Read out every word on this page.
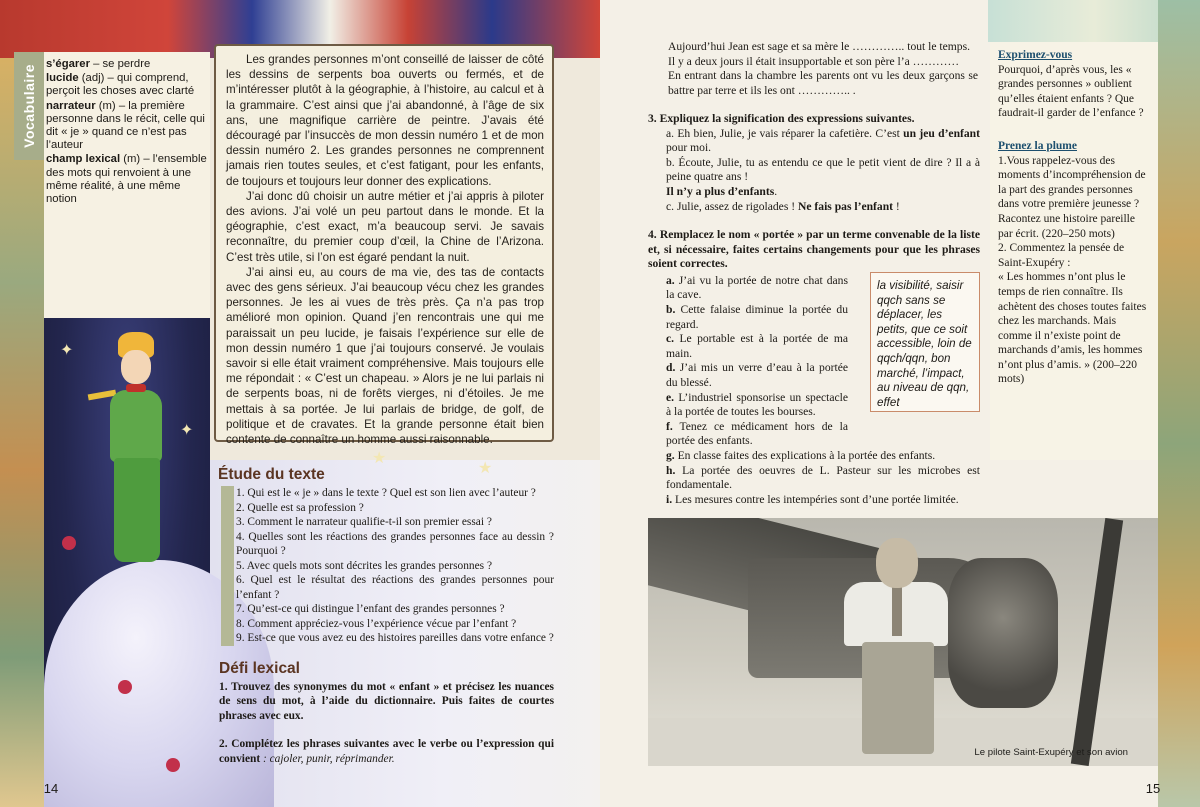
✦
✦
★
★
Vocabulaire
s’égarer – se perdre
lucide (adj) – qui comprend, perçoit les choses avec clarté
narrateur (m) – la première personne dans le récit, celle qui dit « je » quand ce n’est pas l’auteur
champ lexical (m) – l’ensemble des mots qui renvoient à une même réalité, à une même notion

Les grandes personnes m’ont conseillé de laisser de côté les dessins de serpents boa ouverts ou fermés, et de m’intéresser plutôt à la géographie, à l’histoire, au calcul et à la grammaire. C’est ainsi que j’ai abandonné, à l’âge de six ans, une magnifique carrière de peintre. J’avais été découragé par l’insuccès de mon dessin numéro 1 et de mon dessin numéro 2. Les grandes personnes ne comprennent jamais rien toutes seules, et c’est fatigant, pour les enfants, de toujours et toujours leur donner des explications.

J’ai donc dû choisir un autre métier et j’ai appris à piloter des avions. J’ai volé un peu partout dans le monde. Et la géographie, c’est exact, m’a beaucoup servi. Je savais reconnaître, du premier coup d’œil, la Chine de l’Arizona. C’est très utile, si l’on est égaré pendant la nuit.

J’ai ainsi eu, au cours de ma vie, des tas de contacts avec des gens sérieux. J’ai beaucoup vécu chez les grandes personnes. Je les ai vues de très près. Ça n’a pas trop amélioré mon opinion. Quand j’en rencontrais une qui me paraissait un peu lucide, je faisais l’expérience sur elle de mon dessin numéro 1 que j’ai toujours conservé. Je voulais savoir si elle était vraiment compréhensive. Mais toujours elle me répondait : « C’est un chapeau. » Alors je ne lui parlais ni de serpents boas, ni de forêts vierges, ni d’étoiles. Je me mettais à sa portée. Je lui parlais de bridge, de golf, de politique et de cravates. Et la grande personne était bien contente de connaître un homme aussi raisonnable.

Étude du texte
1. Qui est le « je » dans le texte ? Quel est son lien avec l’auteur ?
2. Quelle est sa profession ?
3. Comment le narrateur qualifie-t-il son premier essai ?
4. Quelles sont les réactions des grandes personnes face au dessin ? Pourquoi ?
5. Avec quels mots sont décrites les grandes personnes ?
6. Quel est le résultat des réactions des grandes personnes pour l’enfant ?
7. Qu’est-ce qui distingue l’enfant des grandes personnes ?
8. Comment appréciez-vous l’expérience vécue par l’enfant ?
9. Est-ce que vous avez eu des histoires pareilles dans votre enfance ?
Défi lexical

1. Trouvez des synonymes du mot « enfant » et précisez les nuances de sens du mot, à l’aide du dictionnaire. Puis faites de courtes phrases avec eux.

2. Complétez les phrases suivantes avec le verbe ou l’expression qui convient : cajoler, punir, réprimander.

14
Aujourd’hui Jean est sage et sa mère le ………….. tout le temps.
Il y a deux jours il était insupportable et son père l’a …………
En entrant dans la chambre les parents ont vu les deux garçons se battre par terre et ils les ont ………….. .
3. Expliquez la signification des expressions suivantes.
a. Eh bien, Julie, je vais réparer la cafetière. C’est un jeu d’enfant pour moi.
b. Écoute, Julie, tu as entendu ce que le petit vient de dire ? Il a à peine quatre ans !
Il n’y a plus d’enfants.
c. Julie, assez de rigolades ! Ne fais pas l’enfant !
4. Remplacez le nom « portée » par un terme convenable de la liste et, si nécessaire, faites certains changements pour que les phrases soient correctes.
a. J’ai vu la portée de notre chat dans la cave.
b. Cette falaise diminue la portée du regard.
c. Le portable est à la portée de ma main.
d. J’ai mis un verre d’eau à la portée du blessé.
e. L’industriel sponsorise un spectacle à la portée de toutes les bourses.
f. Tenez ce médicament hors de la portée des enfants.
g. En classe faites des explications à la portée des enfants.
h. La portée des oeuvres de L. Pasteur sur les microbes est fondamentale.
i. Les mesures contre les intempéries sont d’une portée limitée.
la visibilité, saisir qqch sans se déplacer, les petits, que ce soit accessible, loin de qqch/qqn, bon marché, l’impact, au niveau de qqn, effet
Exprimez-vous
Pourquoi, d’après vous, les « grandes personnes » oublient qu’elles étaient enfants ? Que faudrait-il garder de l’enfance ?
Prenez la plume
1.Vous rappelez-vous des moments d’incompréhension de la part des grandes personnes dans votre première jeunesse ? Racontez une histoire pareille par écrit. (220–250 mots)
2. Commentez la pensée de Saint-Exupéry :
« Les hommes n’ont plus le temps de rien connaître. Ils achètent des choses toutes faites chez les marchands. Mais comme il n’existe point de marchands d’amis, les hommes n’ont plus d’amis. » (200–220 mots)
Le pilote Saint-Exupéry et son avion
15
